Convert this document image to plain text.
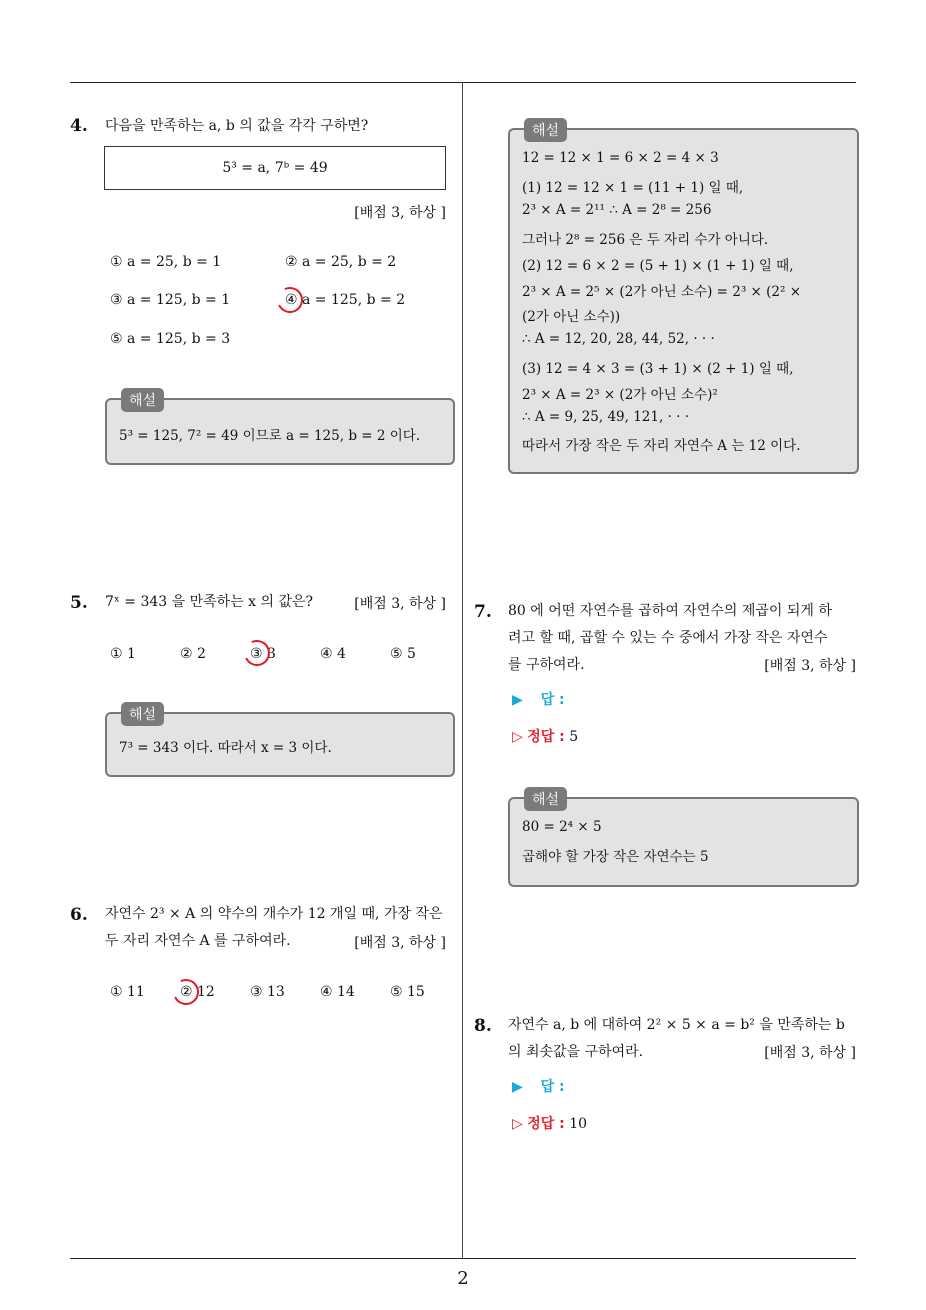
2
4. 다음을 만족하는 a, b 의 값을 각각 구하면?
5³ = a, 7ᵇ = 49
[배점 3, 하상 ]
① a = 25, b = 1	② a = 25, b = 2
③ a = 125, b = 1	④ a = 125, b = 2
⑤ a = 125, b = 3
해설
5³ = 125, 7² = 49 이므로 a = 125, b = 2 이다.
5. 7ˣ = 343 을 만족하는 x 의 값은?	[배점 3, 하상 ]
① 1	② 2	③ 3	④ 4	⑤ 5
해설
7³ = 343 이다. 따라서 x = 3 이다.
6. 자연수 2³ × A 의 약수의 개수가 12 개일 때, 가장 작은
두 자리 자연수 A 를 구하여라.	[배점 3, 하상 ]
① 11	② 12	③ 13	④ 14	⑤ 15
해설
12 = 12 × 1 = 6 × 2 = 4 × 3
(1) 12 = 12 × 1 = (11 + 1) 일 때,
2³ × A = 2¹¹ ∴ A = 2⁸ = 256
그러나 2⁸ = 256 은 두 자리 수가 아니다.
(2) 12 = 6 × 2 = (5 + 1) × (1 + 1) 일 때,
2³ × A = 2⁵ × (2가 아닌 소수) = 2³ × (2² ×
(2가 아닌 소수))
∴ A = 12, 20, 28, 44, 52, · · ·
(3) 12 = 4 × 3 = (3 + 1) × (2 + 1) 일 때,
2³ × A = 2³ × (2가 아닌 소수)²
∴ A = 9, 25, 49, 121, · · ·
따라서 가장 작은 두 자리 자연수 A 는 12 이다.
7. 80 에 어떤 자연수를 곱하여 자연수의 제곱이 되게 하
려고 할 때, 곱할 수 있는 수 중에서 가장 작은 자연수
를 구하여라.	[배점 3, 하상 ]
▶ 답 :
▷ 정답 : 5
해설
80 = 2⁴ × 5
곱해야 할 가장 작은 자연수는 5
8. 자연수 a, b 에 대하여 2² × 5 × a = b² 을 만족하는 b
의 최솟값을 구하여라.	[배점 3, 하상 ]
▶ 답 :
▷ 정답 : 10
